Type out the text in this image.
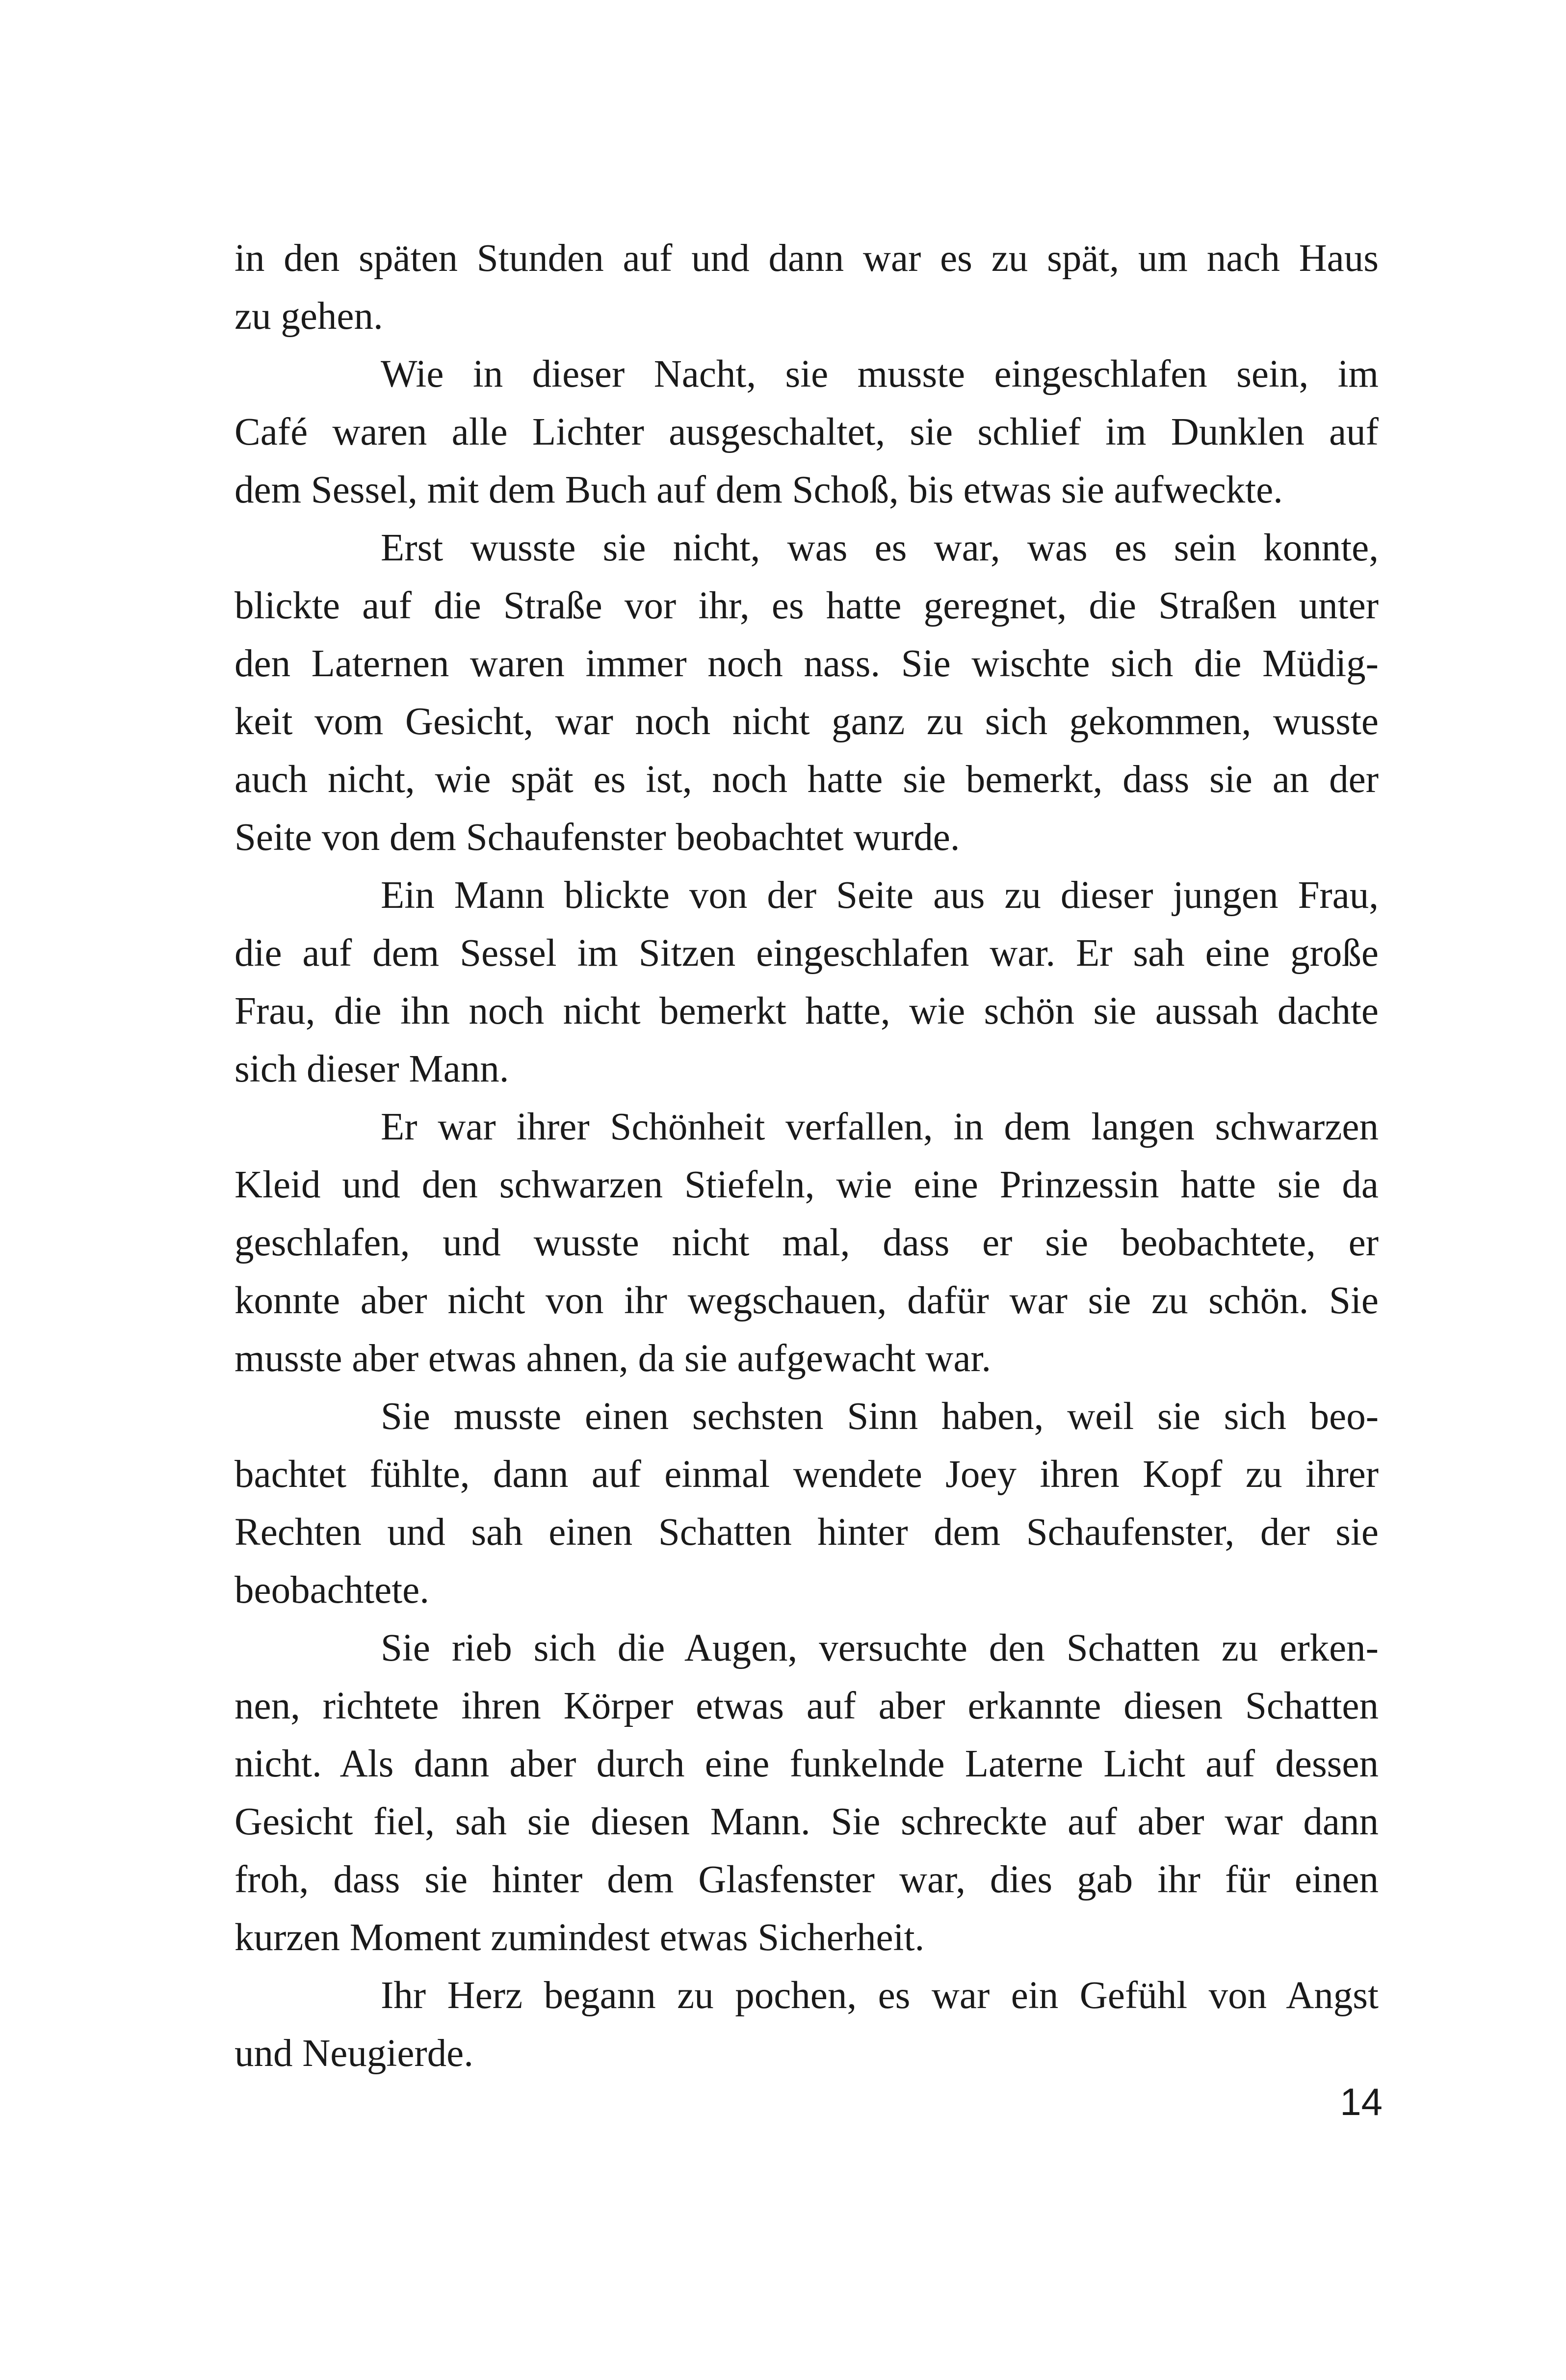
in den späten Stunden auf und dann war es zu spät, um nach Haus
zu gehen.
Wie in dieser Nacht, sie musste eingeschlafen sein, im
Café waren alle Lichter ausgeschaltet, sie schlief im Dunklen auf
dem Sessel, mit dem Buch auf dem Schoß, bis etwas sie aufweckte.
Erst wusste sie nicht, was es war, was es sein konnte,
blickte auf die Straße vor ihr, es hatte geregnet, die Straßen unter
den Laternen waren immer noch nass. Sie wischte sich die Müdig-
keit vom Gesicht, war noch nicht ganz zu sich gekommen, wusste
auch nicht, wie spät es ist, noch hatte sie bemerkt, dass sie an der
Seite von dem Schaufenster beobachtet wurde.
Ein Mann blickte von der Seite aus zu dieser jungen Frau,
die auf dem Sessel im Sitzen eingeschlafen war. Er sah eine große
Frau, die ihn noch nicht bemerkt hatte, wie schön sie aussah dachte
sich dieser Mann.
Er war ihrer Schönheit verfallen, in dem langen schwarzen
Kleid und den schwarzen Stiefeln, wie eine Prinzessin hatte sie da
geschlafen, und wusste nicht mal, dass er sie beobachtete, er
konnte aber nicht von ihr wegschauen, dafür war sie zu schön. Sie
musste aber etwas ahnen, da sie aufgewacht war.
Sie musste einen sechsten Sinn haben, weil sie sich beo-
bachtet fühlte, dann auf einmal wendete Joey ihren Kopf zu ihrer
Rechten und sah einen Schatten hinter dem Schaufenster, der sie
beobachtete.
Sie rieb sich die Augen, versuchte den Schatten zu erken-
nen, richtete ihren Körper etwas auf aber erkannte diesen Schatten
nicht. Als dann aber durch eine funkelnde Laterne Licht auf dessen
Gesicht fiel, sah sie diesen Mann. Sie schreckte auf aber war dann
froh, dass sie hinter dem Glasfenster war, dies gab ihr für einen
kurzen Moment zumindest etwas Sicherheit.
Ihr Herz begann zu pochen, es war ein Gefühl von Angst
und Neugierde.
14
